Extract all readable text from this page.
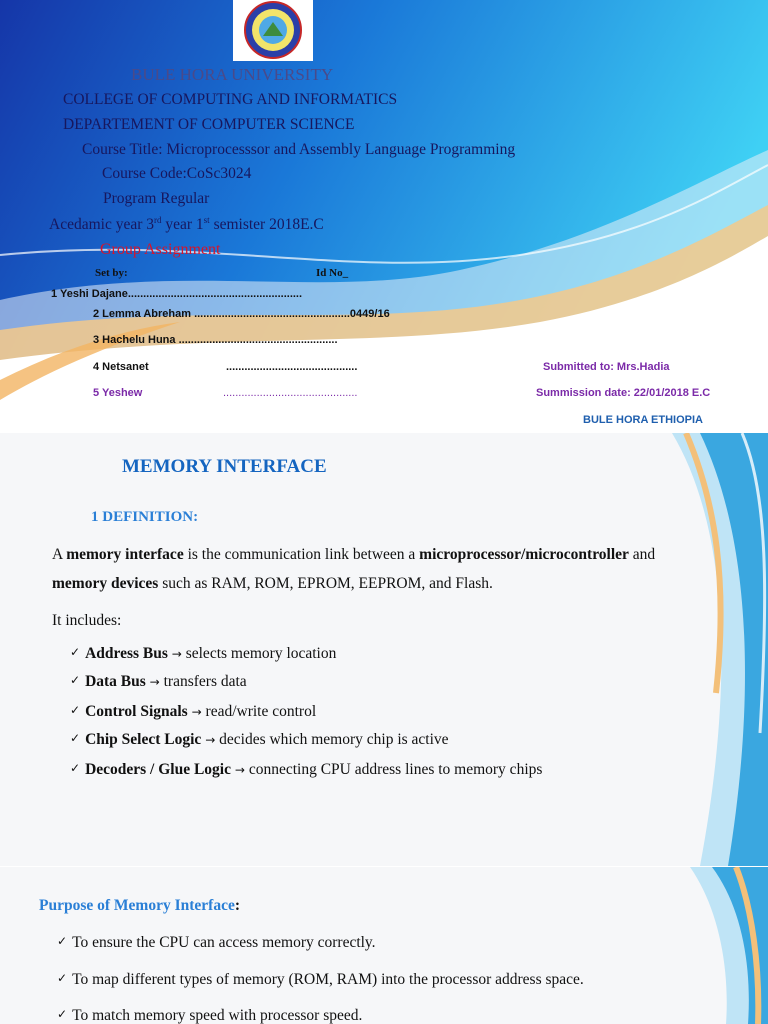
BULE HORA UNIVERSITY
COLLEGE OF COMPUTING AND INFORMATICS
DEPARTEMENT OF COMPUTER SCIENCE
Course Title: Microprocesssor and Assembly Language Programming
Course Code:CoSc3024
Program Regular
Acedamic year 3rd year 1st semister 2018E.C
Group Assignment
Set by:	Id No_
1 Yeshi Dajane.........................................................
2 Lemma Abreham ...................................................0449/16
3 Hachelu Huna ....................................................
4 Netsanet	...........................................
5 Yeshew	............................................
Submitted to: Mrs.Hadia
Summission date: 22/01/2018 E.C
BULE HORA ETHIOPIA
MEMORY INTERFACE
1 DEFINITION:
A memory interface is the communication link between a microprocessor/microcontroller and
memory devices such as RAM, ROM, EPROM, EEPROM, and Flash.
It includes:
✓ Address Bus → selects memory location
✓ Data Bus → transfers data
✓ Control Signals → read/write control
✓ Chip Select Logic → decides which memory chip is active
✓ Decoders / Glue Logic → connecting CPU address lines to memory chips
Purpose of Memory Interface:
✓ To ensure the CPU can access memory correctly.
✓ To map different types of memory (ROM, RAM) into the processor address space.
✓ To match memory speed with processor speed.
